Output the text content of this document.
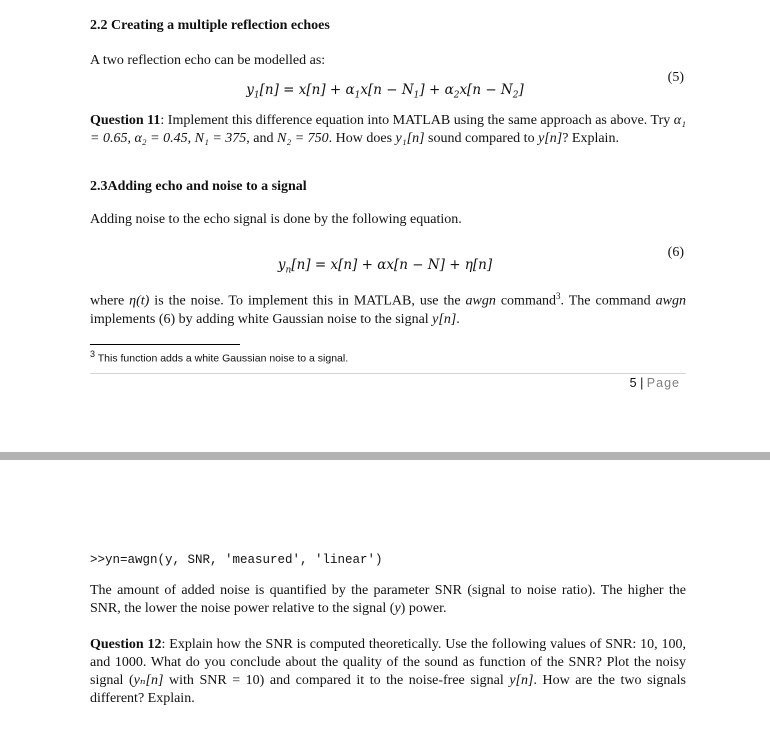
2.2 Creating a multiple reflection echoes
A two reflection echo can be modelled as:
$y_1[n] = x[n] + \alpha_1x[n - N_1] + \alpha_2x[n - N_2]$
(5)

Question 11: Implement this difference equation into MATLAB using the same approach as above. Try α₁ = 0.65, α₂ = 0.45, N₁ = 375, and N₂ = 750. How does y₁[n] sound compared to y[n]? Explain.

2.3Adding echo and noise to a signal
Adding noise to the echo signal is done by the following equation.
$y_n[n] = x[n] + \alpha x[n - N] + \eta[n]$
(6)

where η(t) is the noise. To implement this in MATLAB, use the awgn command$^3$. The command awgn implements (6) by adding white Gaussian noise to the signal y[n].

$^3$ This function adds a white Gaussian noise to a signal.
5 | Page
>>yn=awgn(y, SNR, 'measured', 'linear')

The amount of added noise is quantified by the parameter SNR (signal to noise ratio). The higher the SNR, the lower the noise power relative to the signal (y) power.

Question 12: Explain how the SNR is computed theoretically. Use the following values of SNR: 10, 100, and 1000. What do you conclude about the quality of the sound as function of the SNR? Plot the noisy signal (yₙ[n] with SNR = 10) and compared it to the noise-free signal y[n]. How are the two signals different? Explain.
